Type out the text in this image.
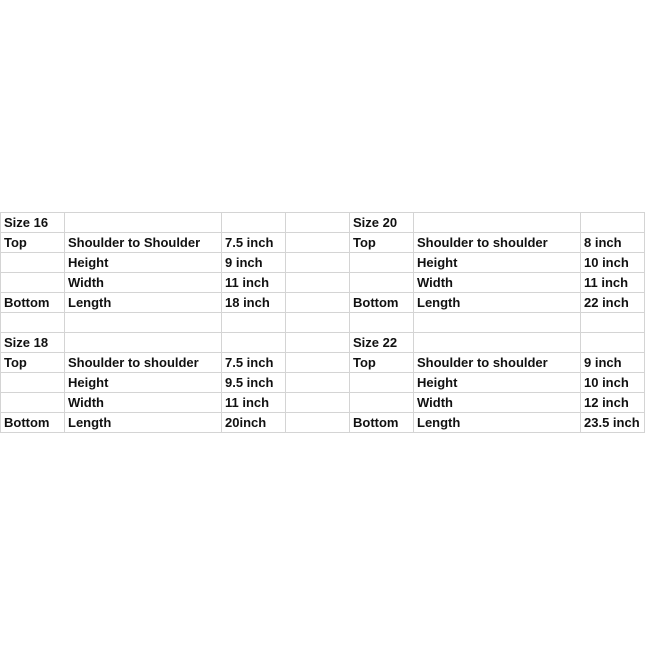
Size 16				Size 20		
Top	Shoulder to Shoulder	7.5 inch		Top	Shoulder to shoulder	8 inch
	Height	9 inch			Height	10 inch
	Width	11 inch			Width	11 inch
Bottom	Length	18 inch		Bottom	Length	22 inch

Size 18				Size 22		
Top	Shoulder to shoulder	7.5 inch		Top	Shoulder to shoulder	9 inch
	Height	9.5 inch			Height	10 inch
	Width	11 inch			Width	12 inch
Bottom	Length	20inch		Bottom	Length	23.5 inch
